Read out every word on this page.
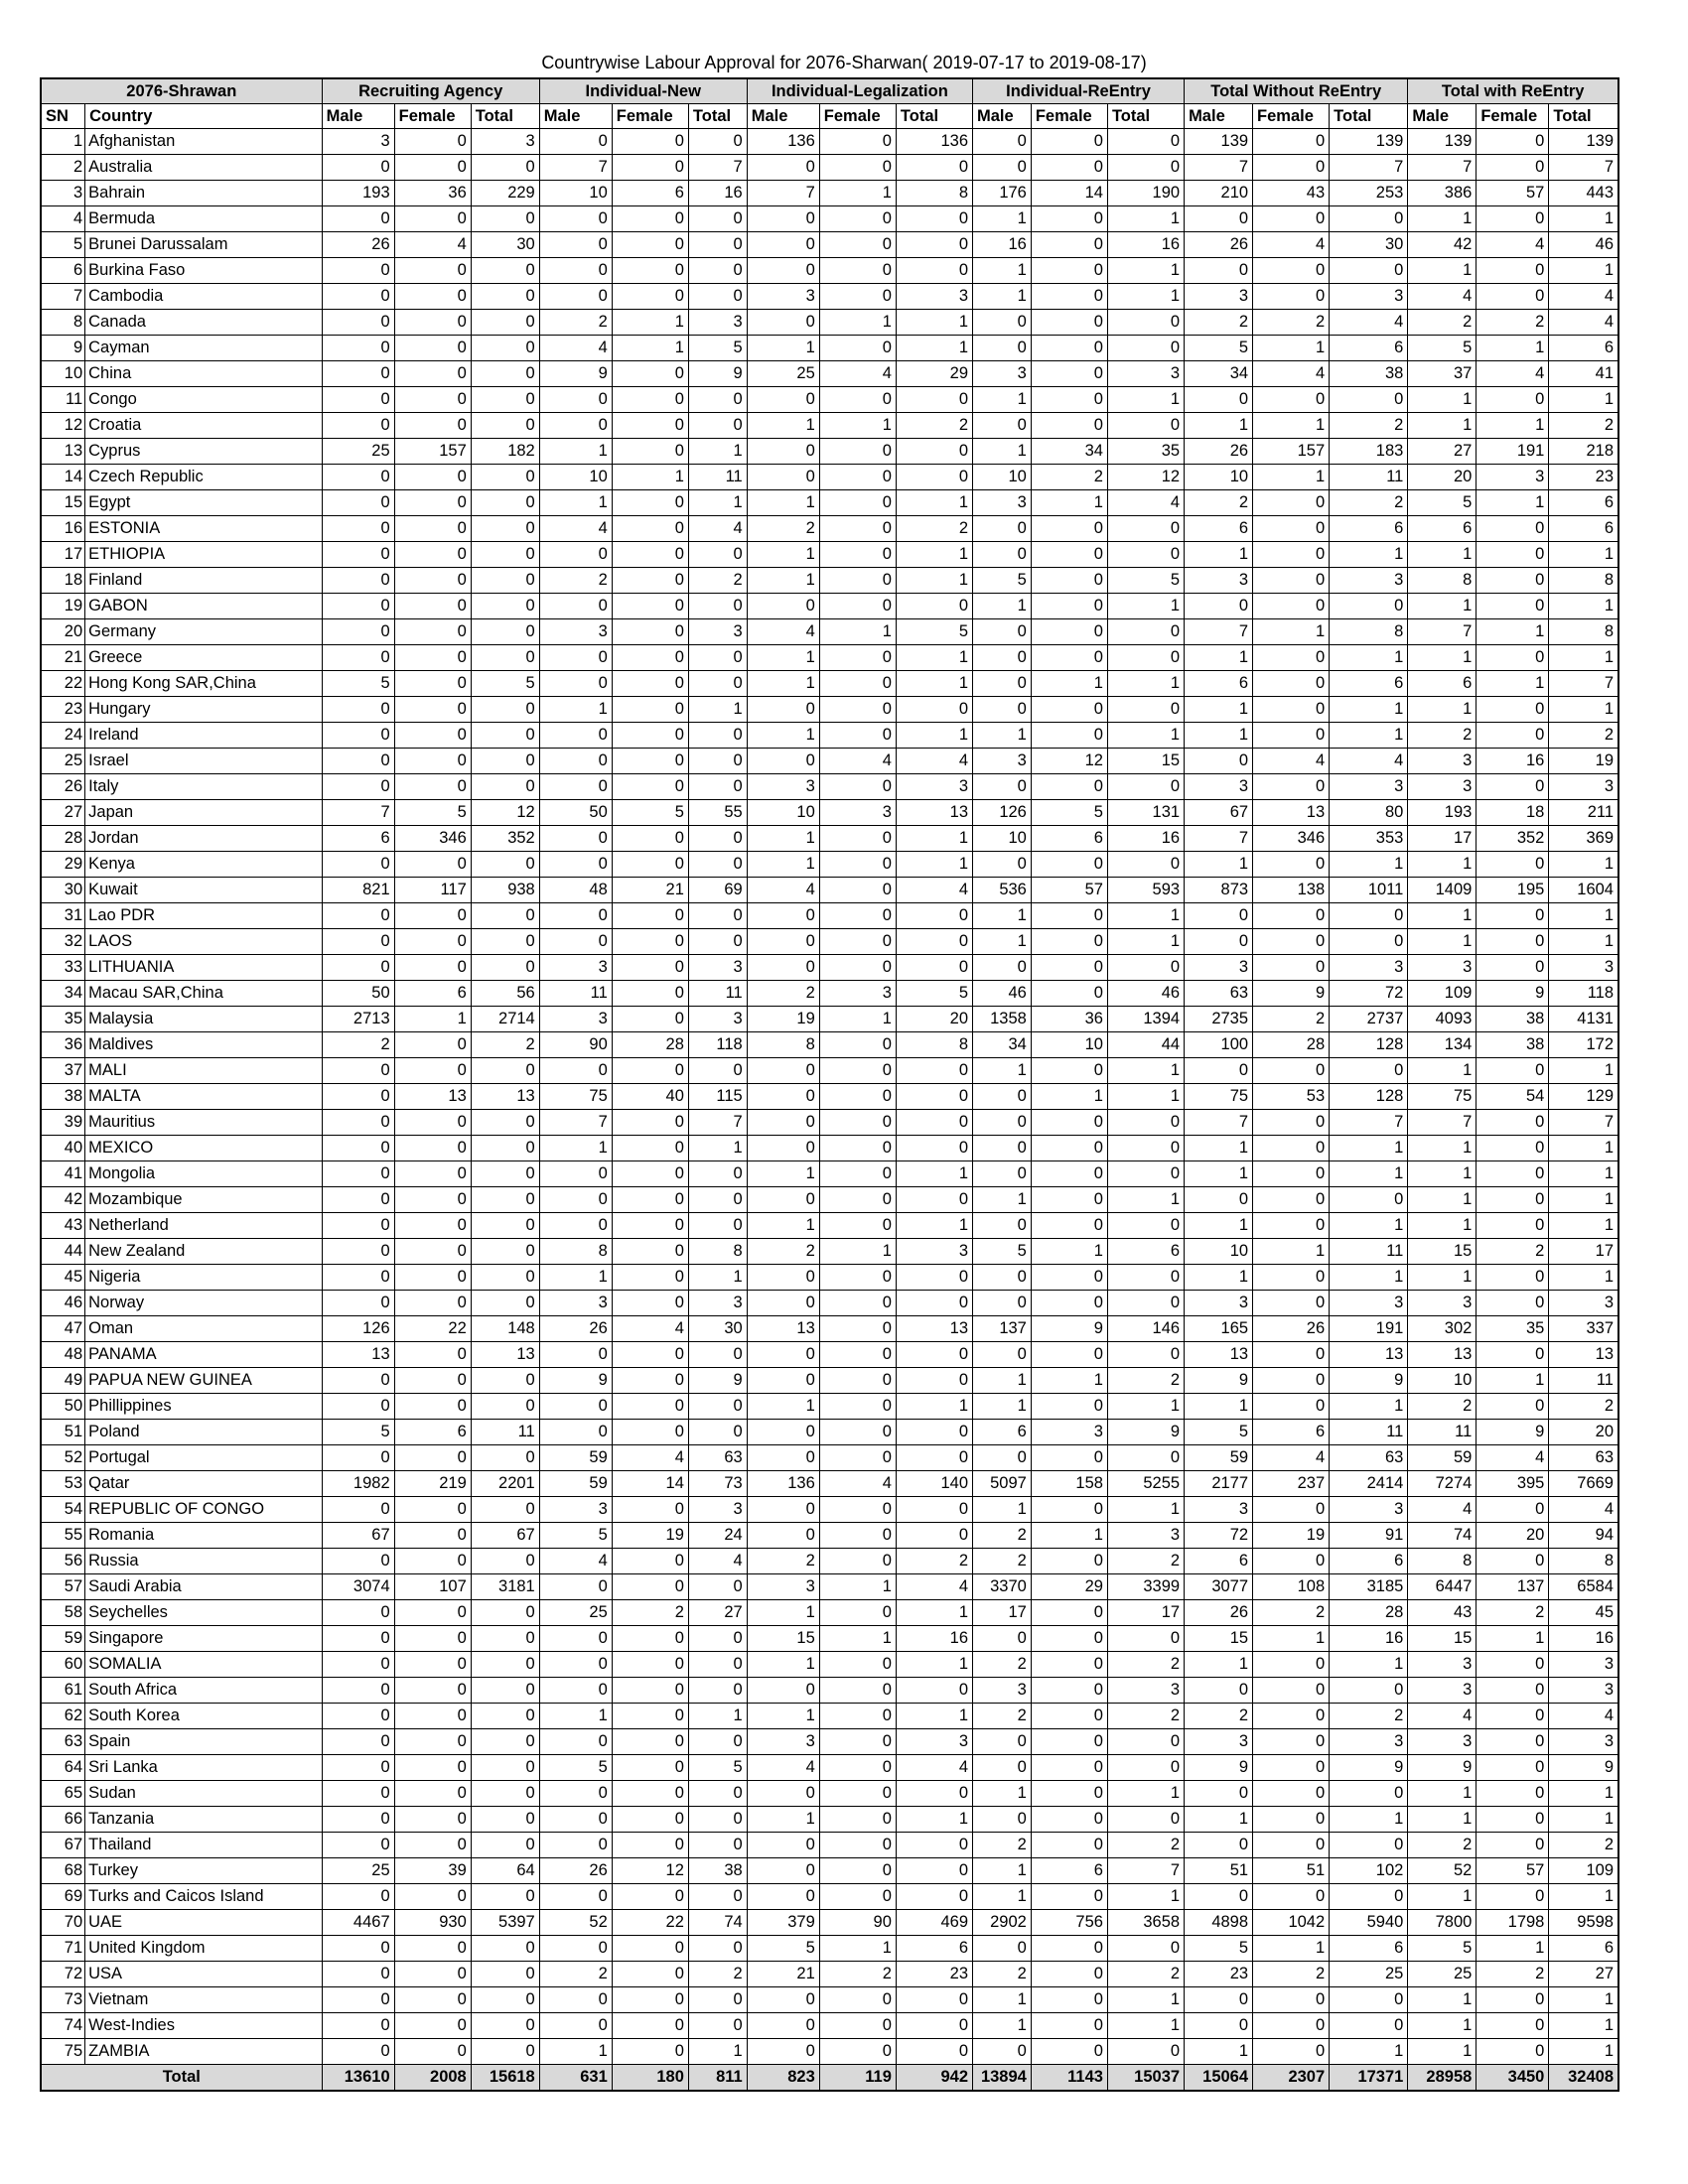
Countrywise Labour Approval for 2076-Sharwan( 2019-07-17 to 2019-08-17)
2076-Shrawan		Recruiting Agency			Individual-New			Individual-Legalization			Individual-ReEntry			Total Without ReEntry			Total with ReEntry		
SN	Country	Male	Female	Total	Male	Female	Total	Male	Female	Total	Male	Female	Total	Male	Female	Total	Male	Female	Total
1	Afghanistan	3	0	3	0	0	0	136	0	136	0	0	0	139	0	139	139	0	139
2	Australia	0	0	0	7	0	7	0	0	0	0	0	0	7	0	7	7	0	7
3	Bahrain	193	36	229	10	6	16	7	1	8	176	14	190	210	43	253	386	57	443
4	Bermuda	0	0	0	0	0	0	0	0	0	1	0	1	0	0	0	1	0	1
5	Brunei Darussalam	26	4	30	0	0	0	0	0	0	16	0	16	26	4	30	42	4	46
6	Burkina Faso	0	0	0	0	0	0	0	0	0	1	0	1	0	0	0	1	0	1
7	Cambodia	0	0	0	0	0	0	3	0	3	1	0	1	3	0	3	4	0	4
8	Canada	0	0	0	2	1	3	0	1	1	0	0	0	2	2	4	2	2	4
9	Cayman	0	0	0	4	1	5	1	0	1	0	0	0	5	1	6	5	1	6
10	China	0	0	0	9	0	9	25	4	29	3	0	3	34	4	38	37	4	41
11	Congo	0	0	0	0	0	0	0	0	0	1	0	1	0	0	0	1	0	1
12	Croatia	0	0	0	0	0	0	1	1	2	0	0	0	1	1	2	1	1	2
13	Cyprus	25	157	182	1	0	1	0	0	0	1	34	35	26	157	183	27	191	218
14	Czech Republic	0	0	0	10	1	11	0	0	0	10	2	12	10	1	11	20	3	23
15	Egypt	0	0	0	1	0	1	1	0	1	3	1	4	2	0	2	5	1	6
16	ESTONIA	0	0	0	4	0	4	2	0	2	0	0	0	6	0	6	6	0	6
17	ETHIOPIA	0	0	0	0	0	0	1	0	1	0	0	0	1	0	1	1	0	1
18	Finland	0	0	0	2	0	2	1	0	1	5	0	5	3	0	3	8	0	8
19	GABON	0	0	0	0	0	0	0	0	0	1	0	1	0	0	0	1	0	1
20	Germany	0	0	0	3	0	3	4	1	5	0	0	0	7	1	8	7	1	8
21	Greece	0	0	0	0	0	0	1	0	1	0	0	0	1	0	1	1	0	1
22	Hong Kong SAR,China	5	0	5	0	0	0	1	0	1	0	1	1	6	0	6	6	1	7
23	Hungary	0	0	0	1	0	1	0	0	0	0	0	0	1	0	1	1	0	1
24	Ireland	0	0	0	0	0	0	1	0	1	1	0	1	1	0	1	2	0	2
25	Israel	0	0	0	0	0	0	0	4	4	3	12	15	0	4	4	3	16	19
26	Italy	0	0	0	0	0	0	3	0	3	0	0	0	3	0	3	3	0	3
27	Japan	7	5	12	50	5	55	10	3	13	126	5	131	67	13	80	193	18	211
28	Jordan	6	346	352	0	0	0	1	0	1	10	6	16	7	346	353	17	352	369
29	Kenya	0	0	0	0	0	0	1	0	1	0	0	0	1	0	1	1	0	1
30	Kuwait	821	117	938	48	21	69	4	0	4	536	57	593	873	138	1011	1409	195	1604
31	Lao PDR	0	0	0	0	0	0	0	0	0	1	0	1	0	0	0	1	0	1
32	LAOS	0	0	0	0	0	0	0	0	0	1	0	1	0	0	0	1	0	1
33	LITHUANIA	0	0	0	3	0	3	0	0	0	0	0	0	3	0	3	3	0	3
34	Macau SAR,China	50	6	56	11	0	11	2	3	5	46	0	46	63	9	72	109	9	118
35	Malaysia	2713	1	2714	3	0	3	19	1	20	1358	36	1394	2735	2	2737	4093	38	4131
36	Maldives	2	0	2	90	28	118	8	0	8	34	10	44	100	28	128	134	38	172
37	MALI	0	0	0	0	0	0	0	0	0	1	0	1	0	0	0	1	0	1
38	MALTA	0	13	13	75	40	115	0	0	0	0	1	1	75	53	128	75	54	129
39	Mauritius	0	0	0	7	0	7	0	0	0	0	0	0	7	0	7	7	0	7
40	MEXICO	0	0	0	1	0	1	0	0	0	0	0	0	1	0	1	1	0	1
41	Mongolia	0	0	0	0	0	0	1	0	1	0	0	0	1	0	1	1	0	1
42	Mozambique	0	0	0	0	0	0	0	0	0	1	0	1	0	0	0	1	0	1
43	Netherland	0	0	0	0	0	0	1	0	1	0	0	0	1	0	1	1	0	1
44	New Zealand	0	0	0	8	0	8	2	1	3	5	1	6	10	1	11	15	2	17
45	Nigeria	0	0	0	1	0	1	0	0	0	0	0	0	1	0	1	1	0	1
46	Norway	0	0	0	3	0	3	0	0	0	0	0	0	3	0	3	3	0	3
47	Oman	126	22	148	26	4	30	13	0	13	137	9	146	165	26	191	302	35	337
48	PANAMA	13	0	13	0	0	0	0	0	0	0	0	0	13	0	13	13	0	13
49	PAPUA NEW GUINEA	0	0	0	9	0	9	0	0	0	1	1	2	9	0	9	10	1	11
50	Phillippines	0	0	0	0	0	0	1	0	1	1	0	1	1	0	1	2	0	2
51	Poland	5	6	11	0	0	0	0	0	0	6	3	9	5	6	11	11	9	20
52	Portugal	0	0	0	59	4	63	0	0	0	0	0	0	59	4	63	59	4	63
53	Qatar	1982	219	2201	59	14	73	136	4	140	5097	158	5255	2177	237	2414	7274	395	7669
54	REPUBLIC OF CONGO	0	0	0	3	0	3	0	0	0	1	0	1	3	0	3	4	0	4
55	Romania	67	0	67	5	19	24	0	0	0	2	1	3	72	19	91	74	20	94
56	Russia	0	0	0	4	0	4	2	0	2	2	0	2	6	0	6	8	0	8
57	Saudi Arabia	3074	107	3181	0	0	0	3	1	4	3370	29	3399	3077	108	3185	6447	137	6584
58	Seychelles	0	0	0	25	2	27	1	0	1	17	0	17	26	2	28	43	2	45
59	Singapore	0	0	0	0	0	0	15	1	16	0	0	0	15	1	16	15	1	16
60	SOMALIA	0	0	0	0	0	0	1	0	1	2	0	2	1	0	1	3	0	3
61	South Africa	0	0	0	0	0	0	0	0	0	3	0	3	0	0	0	3	0	3
62	South Korea	0	0	0	1	0	1	1	0	1	2	0	2	2	0	2	4	0	4
63	Spain	0	0	0	0	0	0	3	0	3	0	0	0	3	0	3	3	0	3
64	Sri Lanka	0	0	0	5	0	5	4	0	4	0	0	0	9	0	9	9	0	9
65	Sudan	0	0	0	0	0	0	0	0	0	1	0	1	0	0	0	1	0	1
66	Tanzania	0	0	0	0	0	0	1	0	1	0	0	0	1	0	1	1	0	1
67	Thailand	0	0	0	0	0	0	0	0	0	2	0	2	0	0	0	2	0	2
68	Turkey	25	39	64	26	12	38	0	0	0	1	6	7	51	51	102	52	57	109
69	Turks and Caicos Island	0	0	0	0	0	0	0	0	0	1	0	1	0	0	0	1	0	1
70	UAE	4467	930	5397	52	22	74	379	90	469	2902	756	3658	4898	1042	5940	7800	1798	9598
71	United Kingdom	0	0	0	0	0	0	5	1	6	0	0	0	5	1	6	5	1	6
72	USA	0	0	0	2	0	2	21	2	23	2	0	2	23	2	25	25	2	27
73	Vietnam	0	0	0	0	0	0	0	0	0	1	0	1	0	0	0	1	0	1
74	West-Indies	0	0	0	0	0	0	0	0	0	1	0	1	0	0	0	1	0	1
75	ZAMBIA	0	0	0	1	0	1	0	0	0	0	0	0	1	0	1	1	0	1
Total		13610	2008	15618	631	180	811	823	119	942	13894	1143	15037	15064	2307	17371	28958	3450	32408
